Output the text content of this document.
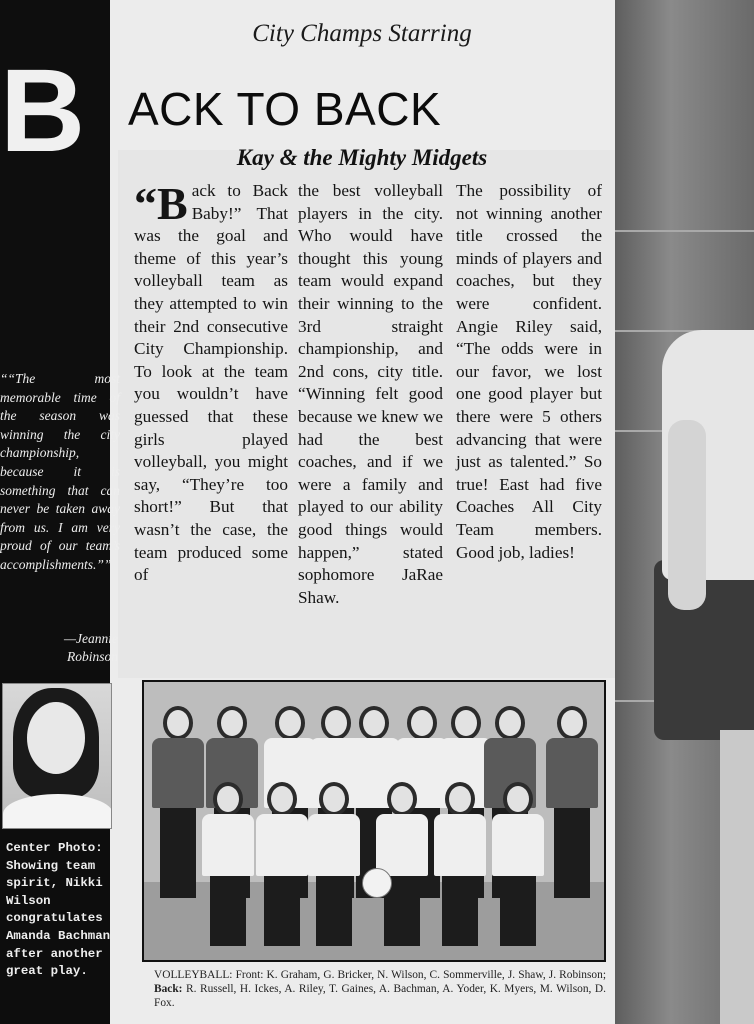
B
City Champs Starring
ACK TO BACK
Kay & the Mighty Midgets
“B ack to Back Baby!” That was the goal and theme of this year’s volleyball team as they attempted to win their 2nd consecutive City Championship. To look at the team you wouldn’t have guessed that these girls played volleyball, you might say, “They’re too short!” But that wasn’t the case, the team produced some of
the best volleyball players in the city. Who would have thought this young team would expand their winning to the 3rd straight championship, and 2nd cons, city title. “Winning felt good because we knew we had the best coaches, and if we were a family and played to our ability good things would happen,” stated sophomore JaRae Shaw.
The possibility of not winning another title crossed the minds of players and coaches, but they were confident. Angie Riley said, “The odds were in our favor, we lost one good player but there were 5 others advancing that were just as talented.” So true! East had five Coaches All City Team members. Good job, ladies!
““The most memorable time of the season was winning the city championship, because it is something that can never be taken away from us. I am very proud of our team’s accomplishments.””
—Jeannie
Robinson
Center Photo: Showing team spirit, Nikki Wilson congratulates Amanda Bachman after another great play.	VOLLEYBALL: Front: K. Graham, G. Bricker, N. Wilson, C. Sommerville, J. Shaw, J. Robinson; Back: R. Russell, H. Ickes, A. Riley, T. Gaines, A. Bachman, A. Yoder, K. Myers, M. Wilson, D. Fox.
